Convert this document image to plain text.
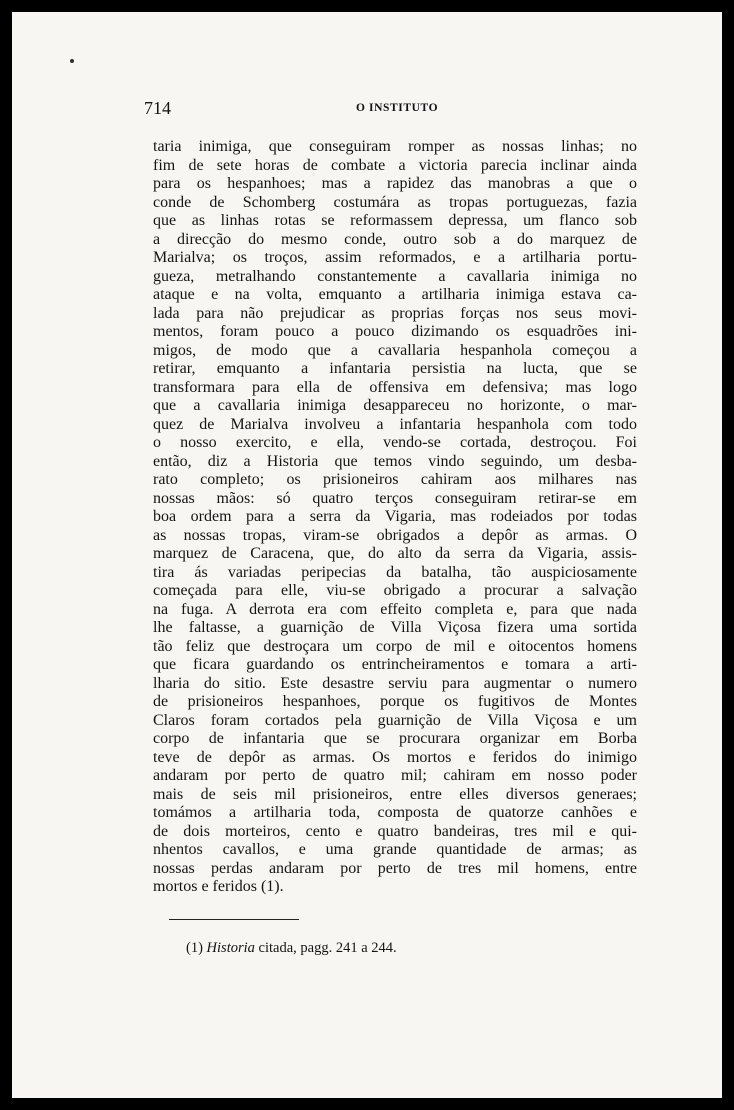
714	O INSTITUTO
taria inimiga, que conseguiram romper as nossas linhas; no
fim de sete horas de combate a victoria parecia inclinar ainda
para os hespanhoes; mas a rapidez das manobras a que o
conde de Schomberg costumára as tropas portuguezas, fazia
que as linhas rotas se reformassem depressa, um flanco sob
a direcção do mesmo conde, outro sob a do marquez de
Marialva; os troços, assim reformados, e a artilharia portu-
gueza, metralhando constantemente a cavallaria inimiga no
ataque e na volta, emquanto a artilharia inimiga estava ca-
lada para não prejudicar as proprias forças nos seus movi-
mentos, foram pouco a pouco dizimando os esquadrões ini-
migos, de modo que a cavallaria hespanhola começou a
retirar, emquanto a infantaria persistia na lucta, que se
transformara para ella de offensiva em defensiva; mas logo
que a cavallaria inimiga desappareceu no horizonte, o mar-
quez de Marialva involveu a infantaria hespanhola com todo
o nosso exercito, e ella, vendo-se cortada, destroçou. Foi
então, diz a Historia que temos vindo seguindo, um desba-
rato completo; os prisioneiros cahiram aos milhares nas
nossas mãos: só quatro terços conseguiram retirar-se em
boa ordem para a serra da Vigaria, mas rodeiados por todas
as nossas tropas, viram-se obrigados a depôr as armas. O
marquez de Caracena, que, do alto da serra da Vigaria, assis-
tira ás variadas peripecias da batalha, tão auspiciosamente
começada para elle, viu-se obrigado a procurar a salvação
na fuga. A derrota era com effeito completa e, para que nada
lhe faltasse, a guarnição de Villa Viçosa fizera uma sortida
tão feliz que destroçara um corpo de mil e oitocentos homens
que ficara guardando os entrincheiramentos e tomara a arti-
lharia do sitio. Este desastre serviu para augmentar o numero
de prisioneiros hespanhoes, porque os fugitivos de Montes
Claros foram cortados pela guarnição de Villa Viçosa e um
corpo de infantaria que se procurara organizar em Borba
teve de depôr as armas. Os mortos e feridos do inimigo
andaram por perto de quatro mil; cahiram em nosso poder
mais de seis mil prisioneiros, entre elles diversos generaes;
tomámos a artilharia toda, composta de quatorze canhões e
de dois morteiros, cento e quatro bandeiras, tres mil e qui-
nhentos cavallos, e uma grande quantidade de armas; as
nossas perdas andaram por perto de tres mil homens, entre
mortos e feridos (1).
(1) Historia citada, pagg. 241 a 244.
